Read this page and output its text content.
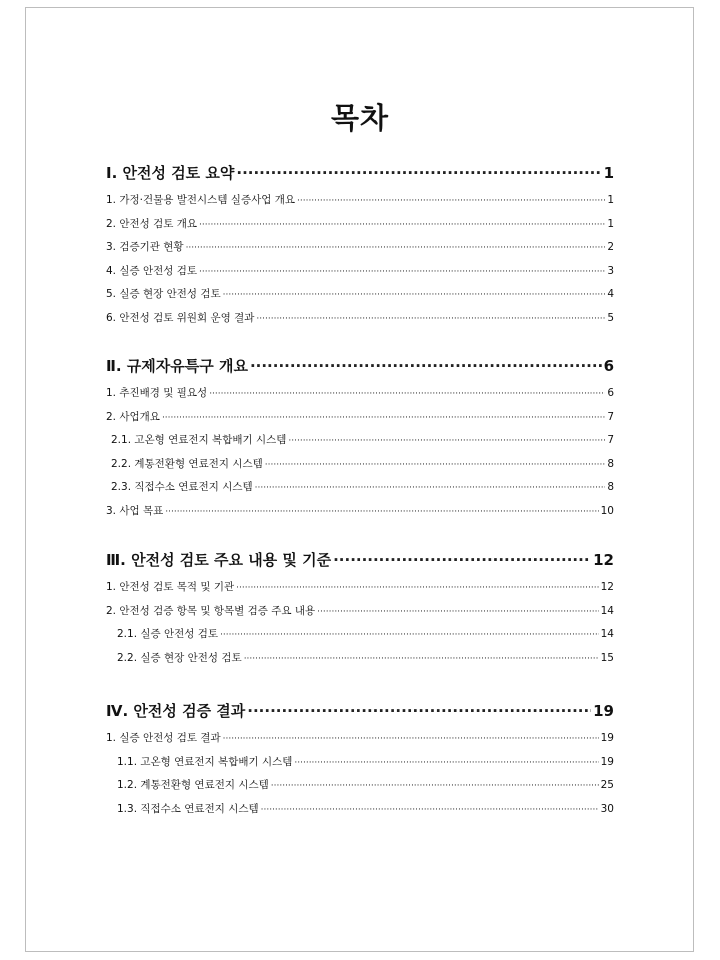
목차
Ⅰ. 안전성 검토 요약 ·····	1
1. 가정·건물용 발전시스템 실증사업 개요 ·····	1
2. 안전성 검토 개요 ·····	1
3. 검증기관 현황 ·····	2
4. 실증 안전성 검토 ·····	3
5. 실증 현장 안전성 검토 ·····	4
6. 안전성 검토 위원회 운영 결과 ·····	5
Ⅱ. 규제자유특구 개요 ·····	6
1. 추진배경 및 필요성 ·····	6
2. 사업개요 ·····	7
2.1. 고온형 연료전지 복합배기 시스템 ·····	7
2.2. 계통전환형 연료전지 시스템 ·····	8
2.3. 직접수소 연료전지 시스템 ·····	8
3. 사업 목표 ·····	10
Ⅲ. 안전성 검토 주요 내용 및 기준 ·····	12
1. 안전성 검토 목적 및 기관 ·····	12
2. 안전성 검증 항목 및 항목별 검증 주요 내용 ·····	14
2.1. 실증 안전성 검토 ·····	14
2.2. 실증 현장 안전성 검토 ·····	15
Ⅳ. 안전성 검증 결과 ·····	19
1. 실증 안전성 검토 결과 ·····	19
1.1. 고온형 연료전지 복합배기 시스템 ·····	19
1.2. 계통전환형 연료전지 시스템 ·····	25
1.3. 직접수소 연료전지 시스템 ·····	30
